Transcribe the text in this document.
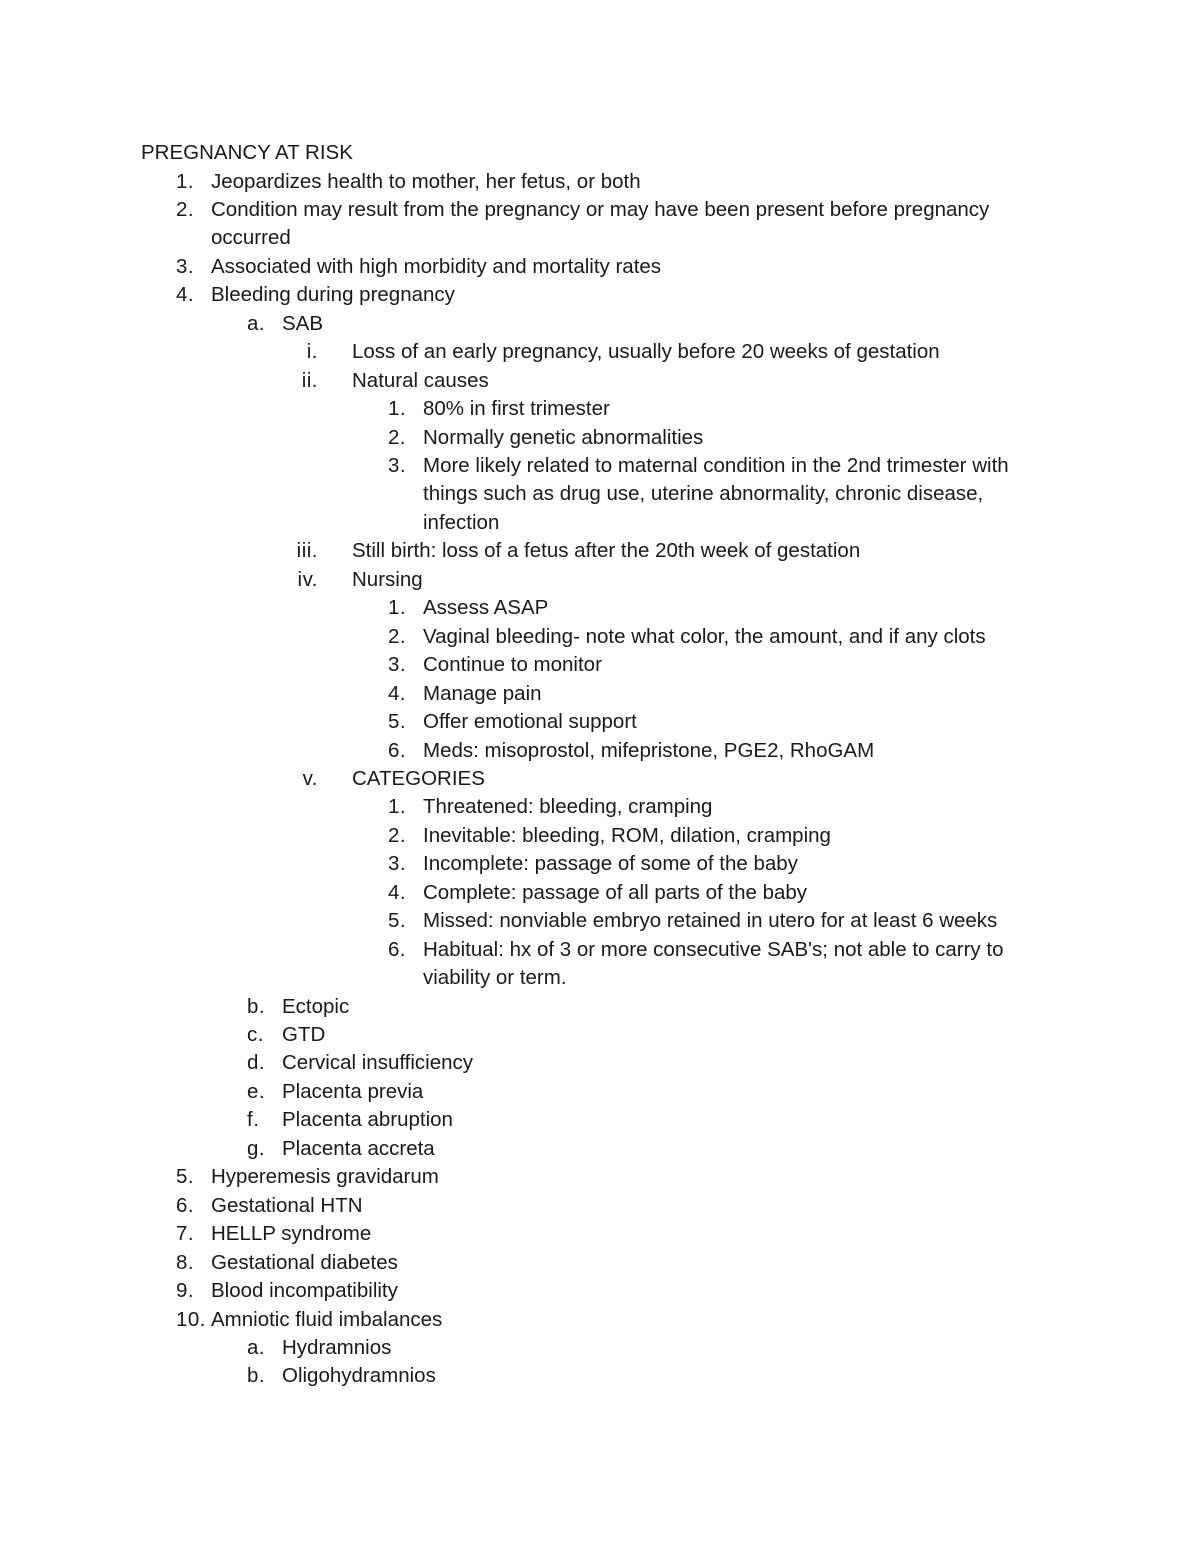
PREGNANCY AT RISK
1. Jeopardizes health to mother, her fetus, or both
2. Condition may result from the pregnancy or may have been present before pregnancy
occurred
3. Associated with high morbidity and mortality rates
4. Bleeding during pregnancy
a. SAB
i. Loss of an early pregnancy, usually before 20 weeks of gestation
ii. Natural causes
1. 80% in first trimester
2. Normally genetic abnormalities
3. More likely related to maternal condition in the 2nd trimester with
things such as drug use, uterine abnormality, chronic disease,
infection
iii. Still birth: loss of a fetus after the 20th week of gestation
iv. Nursing
1. Assess ASAP
2. Vaginal bleeding- note what color, the amount, and if any clots
3. Continue to monitor
4. Manage pain
5. Offer emotional support
6. Meds: misoprostol, mifepristone, PGE2, RhoGAM
v. CATEGORIES
1. Threatened: bleeding, cramping
2. Inevitable: bleeding, ROM, dilation, cramping
3. Incomplete: passage of some of the baby
4. Complete: passage of all parts of the baby
5. Missed: nonviable embryo retained in utero for at least 6 weeks
6. Habitual: hx of 3 or more consecutive SAB's; not able to carry to
viability or term.
b. Ectopic
c. GTD
d. Cervical insufficiency
e. Placenta previa
f. Placenta abruption
g. Placenta accreta
5. Hyperemesis gravidarum
6. Gestational HTN
7. HELLP syndrome
8. Gestational diabetes
9. Blood incompatibility
10. Amniotic fluid imbalances
a. Hydramnios
b. Oligohydramnios
